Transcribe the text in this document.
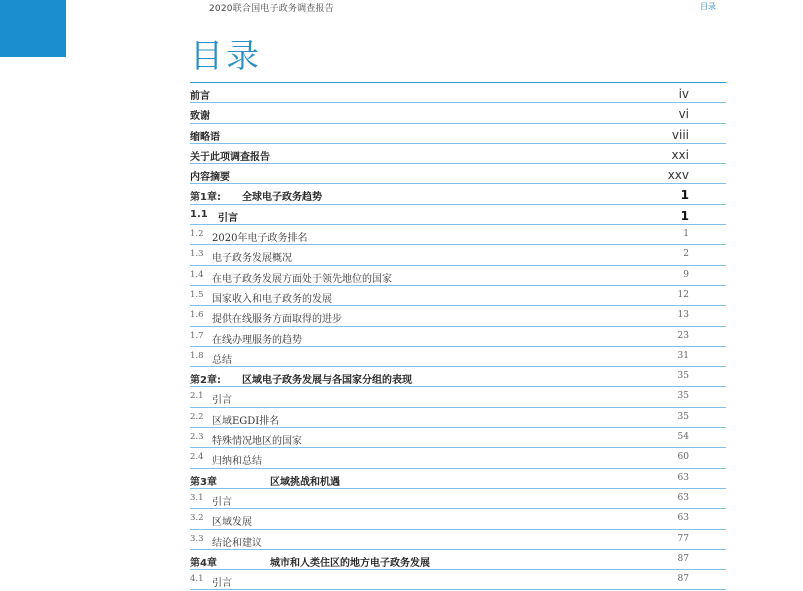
2020联合国电子政务调查报告	目录
目录
前言	iv
致谢	vi
缩略语	viii
关于此项调查报告	xxi
内容摘要	xxv
第1章: 全球电子政务趋势	1
1.1 引言	1
1.2 2020年电子政务排名	1
1.3 电子政务发展概况	2
1.4 在电子政务发展方面处于领先地位的国家	9
1.5 国家收入和电子政务的发展	12
1.6 提供在线服务方面取得的进步	13
1.7 在线办理服务的趋势	23
1.8 总结	31
第2章: 区域电子政务发展与各国家分组的表现	35
2.1 引言	35
2.2 区域EGDI排名	35
2.3 特殊情况地区的国家	54
2.4 归纳和总结	60
第3章	区域挑战和机遇	63
3.1 引言	63
3.2 区域发展	63
3.3 结论和建议	77
第4章	城市和人类住区的地方电子政务发展	87
4.1 引言	87
